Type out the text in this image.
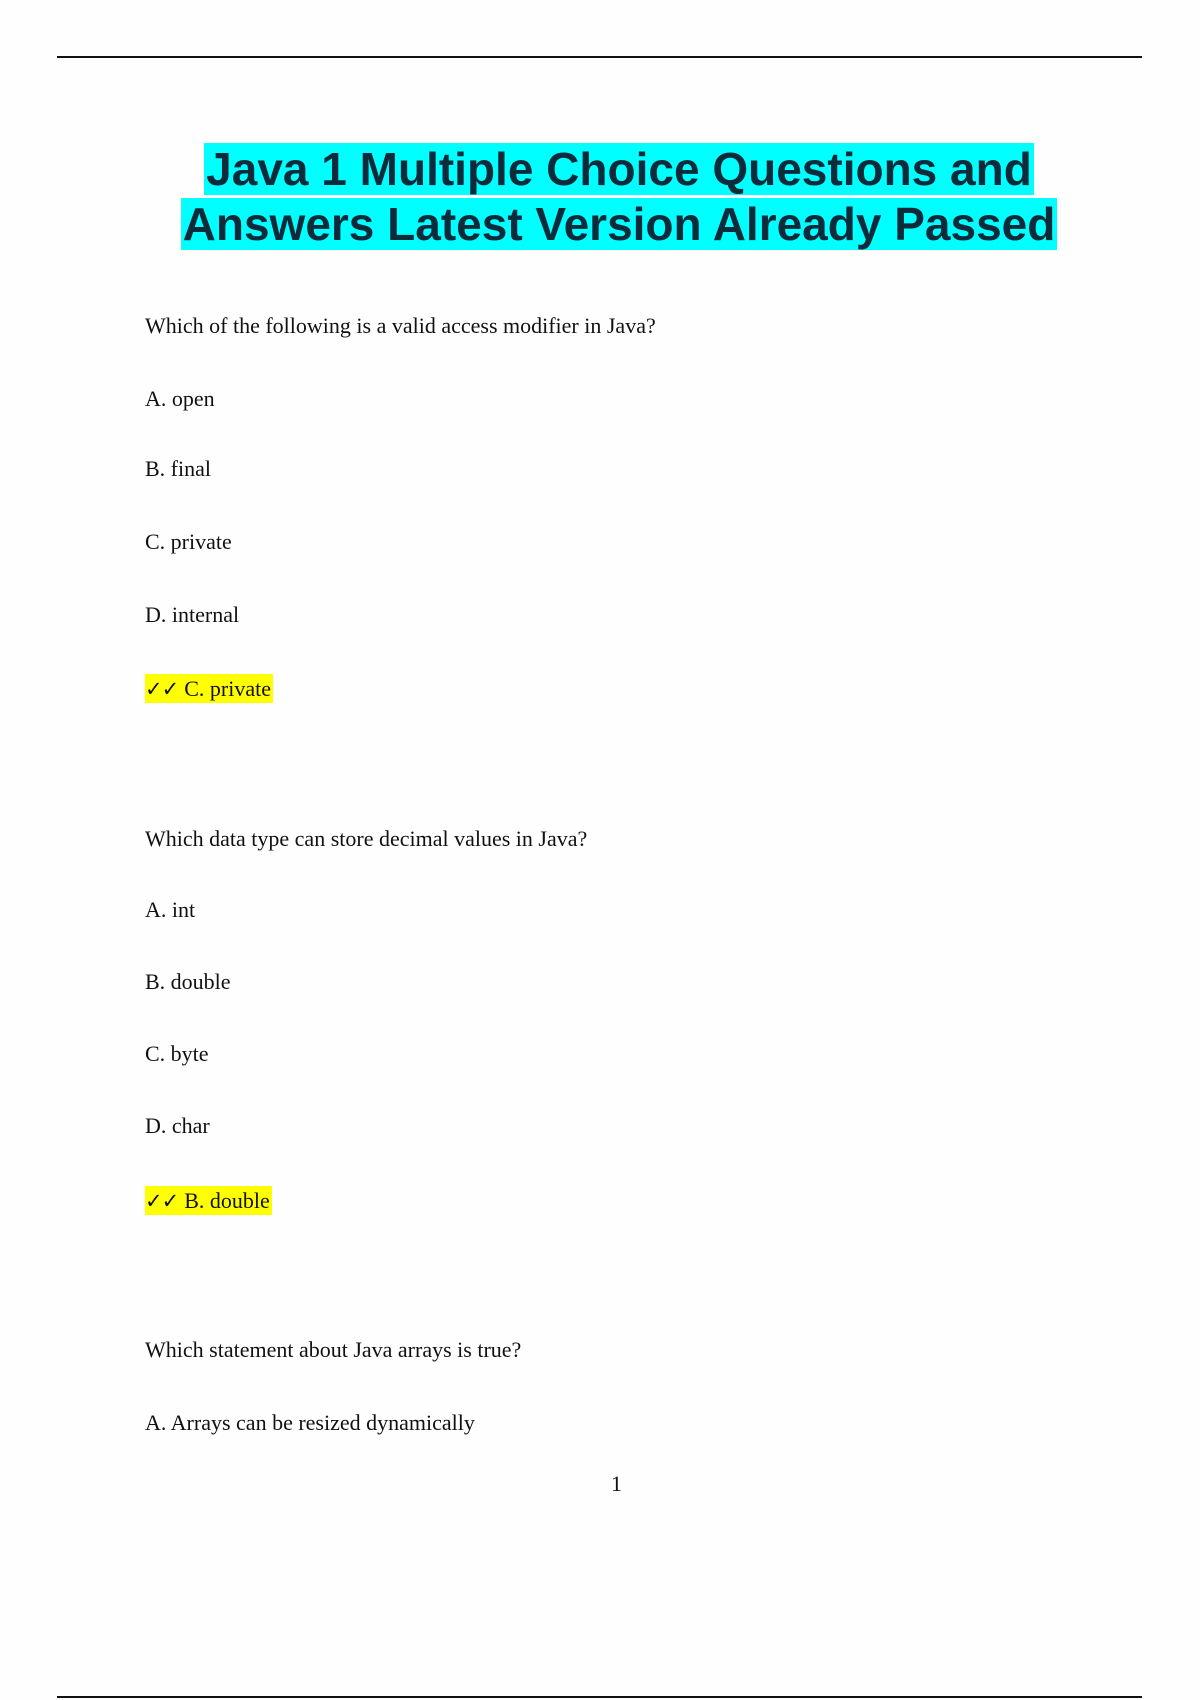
Java 1 Multiple Choice Questions and
Answers Latest Version Already Passed

Which of the following is a valid access modifier in Java?

A. open

B. final

C. private

D. internal

✓✓ C. private

Which data type can store decimal values in Java?

A. int

B. double

C. byte

D. char

✓✓ B. double

Which statement about Java arrays is true?

A. Arrays can be resized dynamically

1
